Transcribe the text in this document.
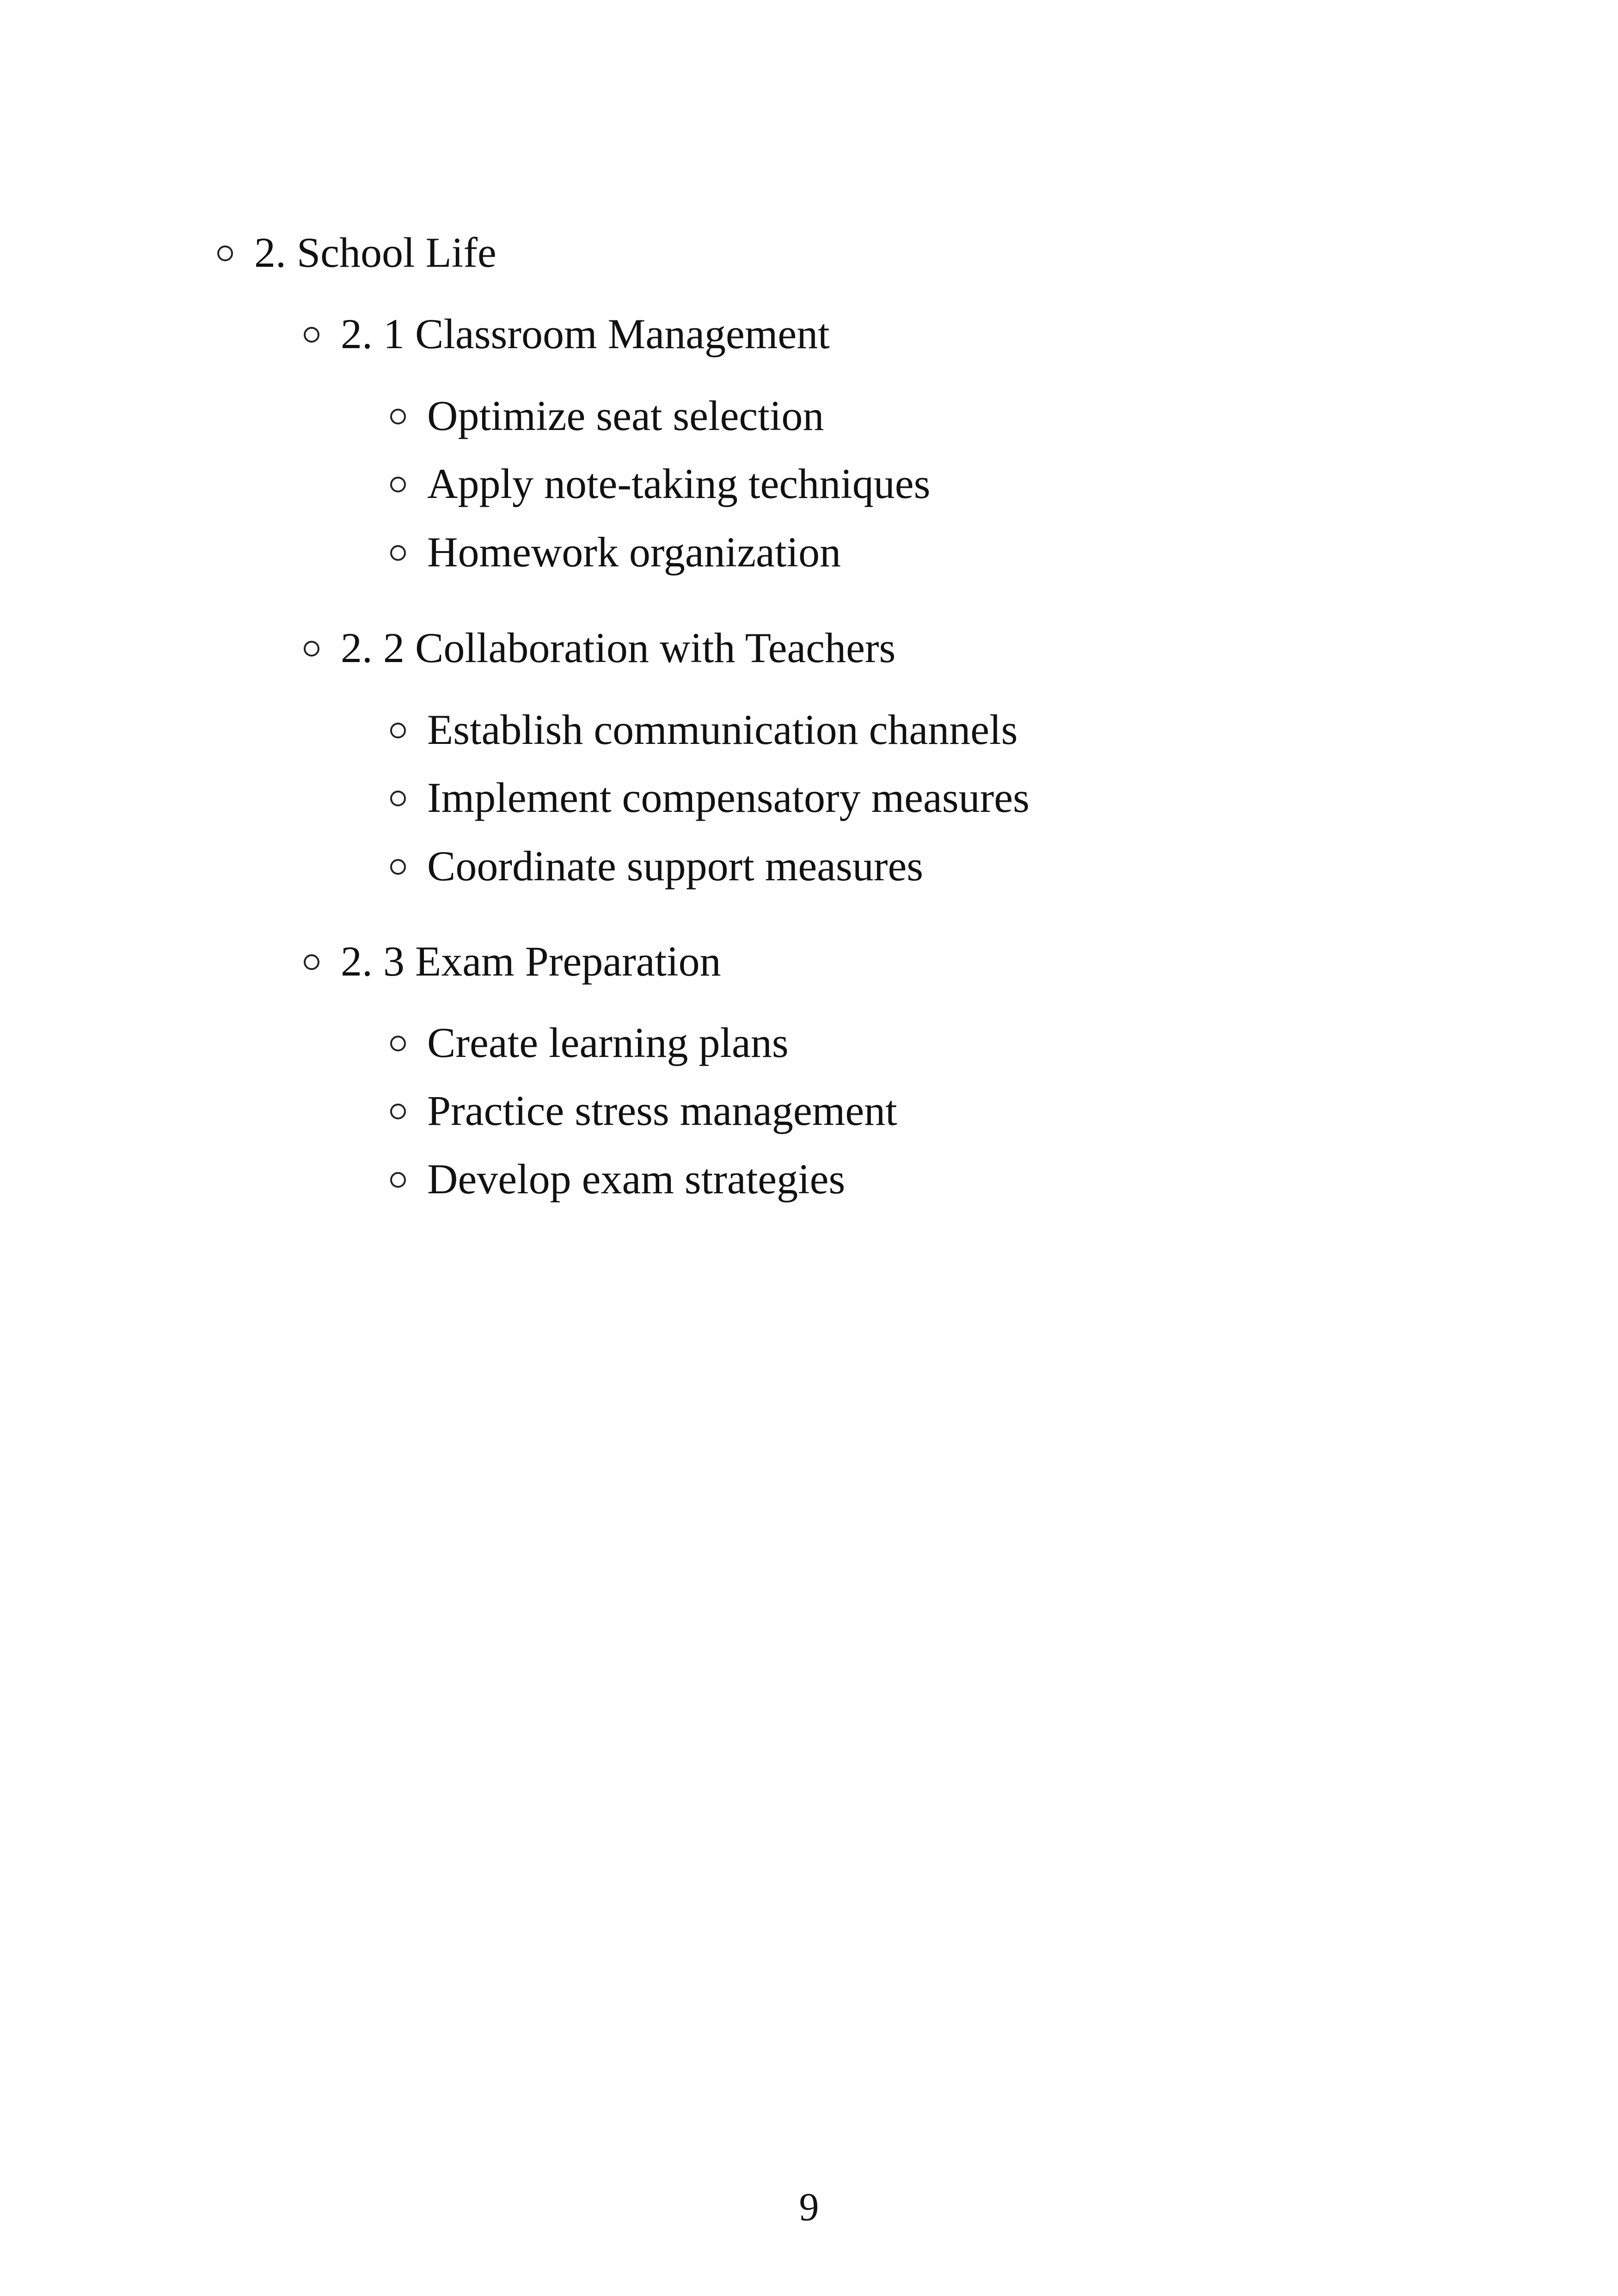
2. School Life
2. 1 Classroom Management
Optimize seat selection
Apply note-taking techniques
Homework organization
2. 2 Collaboration with Teachers
Establish communication channels
Implement compensatory measures
Coordinate support measures
2. 3 Exam Preparation
Create learning plans
Practice stress management
Develop exam strategies
9
